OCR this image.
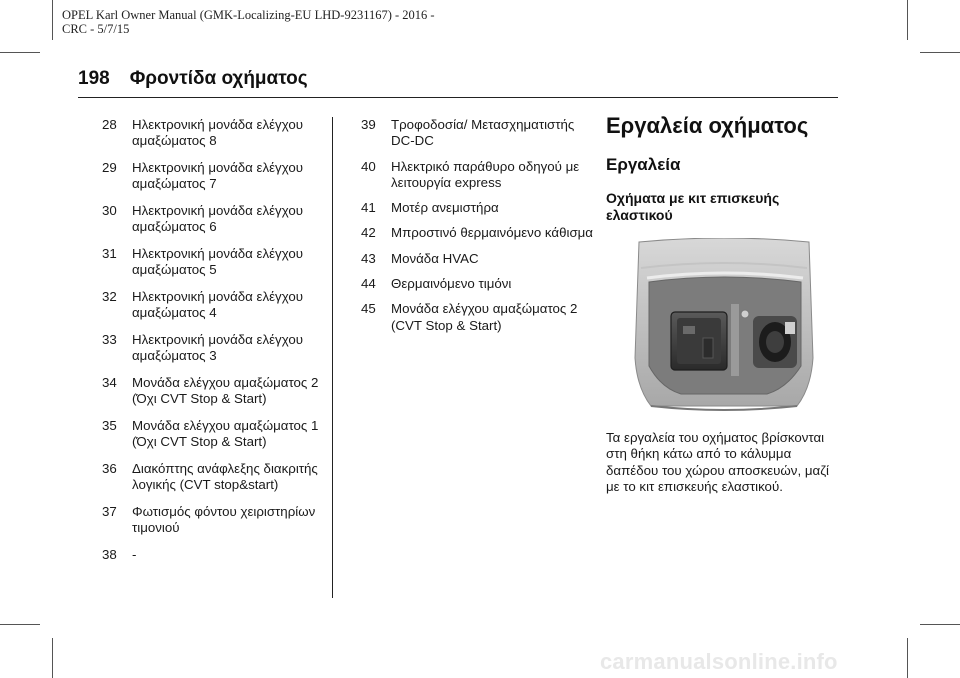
OPEL Karl Owner Manual (GMK-Localizing-EU LHD-9231167) - 2016 -
CRC - 5/7/15
198 Φροντίδα οχήματος
28	Ηλεκτρονική μονάδα ελέγχου αμαξώματος 8
29	Ηλεκτρονική μονάδα ελέγχου αμαξώματος 7
30	Ηλεκτρονική μονάδα ελέγχου αμαξώματος 6
31	Ηλεκτρονική μονάδα ελέγχου αμαξώματος 5
32	Ηλεκτρονική μονάδα ελέγχου αμαξώματος 4
33	Ηλεκτρονική μονάδα ελέγχου αμαξώματος 3
34	Μονάδα ελέγχου αμαξώματος 2 (Όχι CVT Stop & Start)
35	Μονάδα ελέγχου αμαξώματος 1 (Όχι CVT Stop & Start)
36	Διακόπτης ανάφλεξης διακριτής λογικής (CVT stop&start)
37	Φωτισμός φόντου χειριστηρίων τιμονιού
38	-
39	Τροφοδοσία/ Μετασχηματιστής DC-DC
40	Ηλεκτρικό παράθυρο οδηγού με λειτουργία express
41	Μοτέρ ανεμιστήρα
42	Μπροστινό θερμαινόμενο κάθισμα
43	Μονάδα HVAC
44	Θερμαινόμενο τιμόνι
45	Μονάδα ελέγχου αμαξώματος 2 (CVT Stop & Start)
Εργαλεία οχήματος
Εργαλεία
Οχήματα με κιτ επισκευής ελαστικού
Τα εργαλεία του οχήματος βρίσκονται στη θήκη κάτω από το κάλυμμα δαπέδου του χώρου αποσκευών, μαζί με το κιτ επισκευής ελαστικού.
carmanualsonline.info
